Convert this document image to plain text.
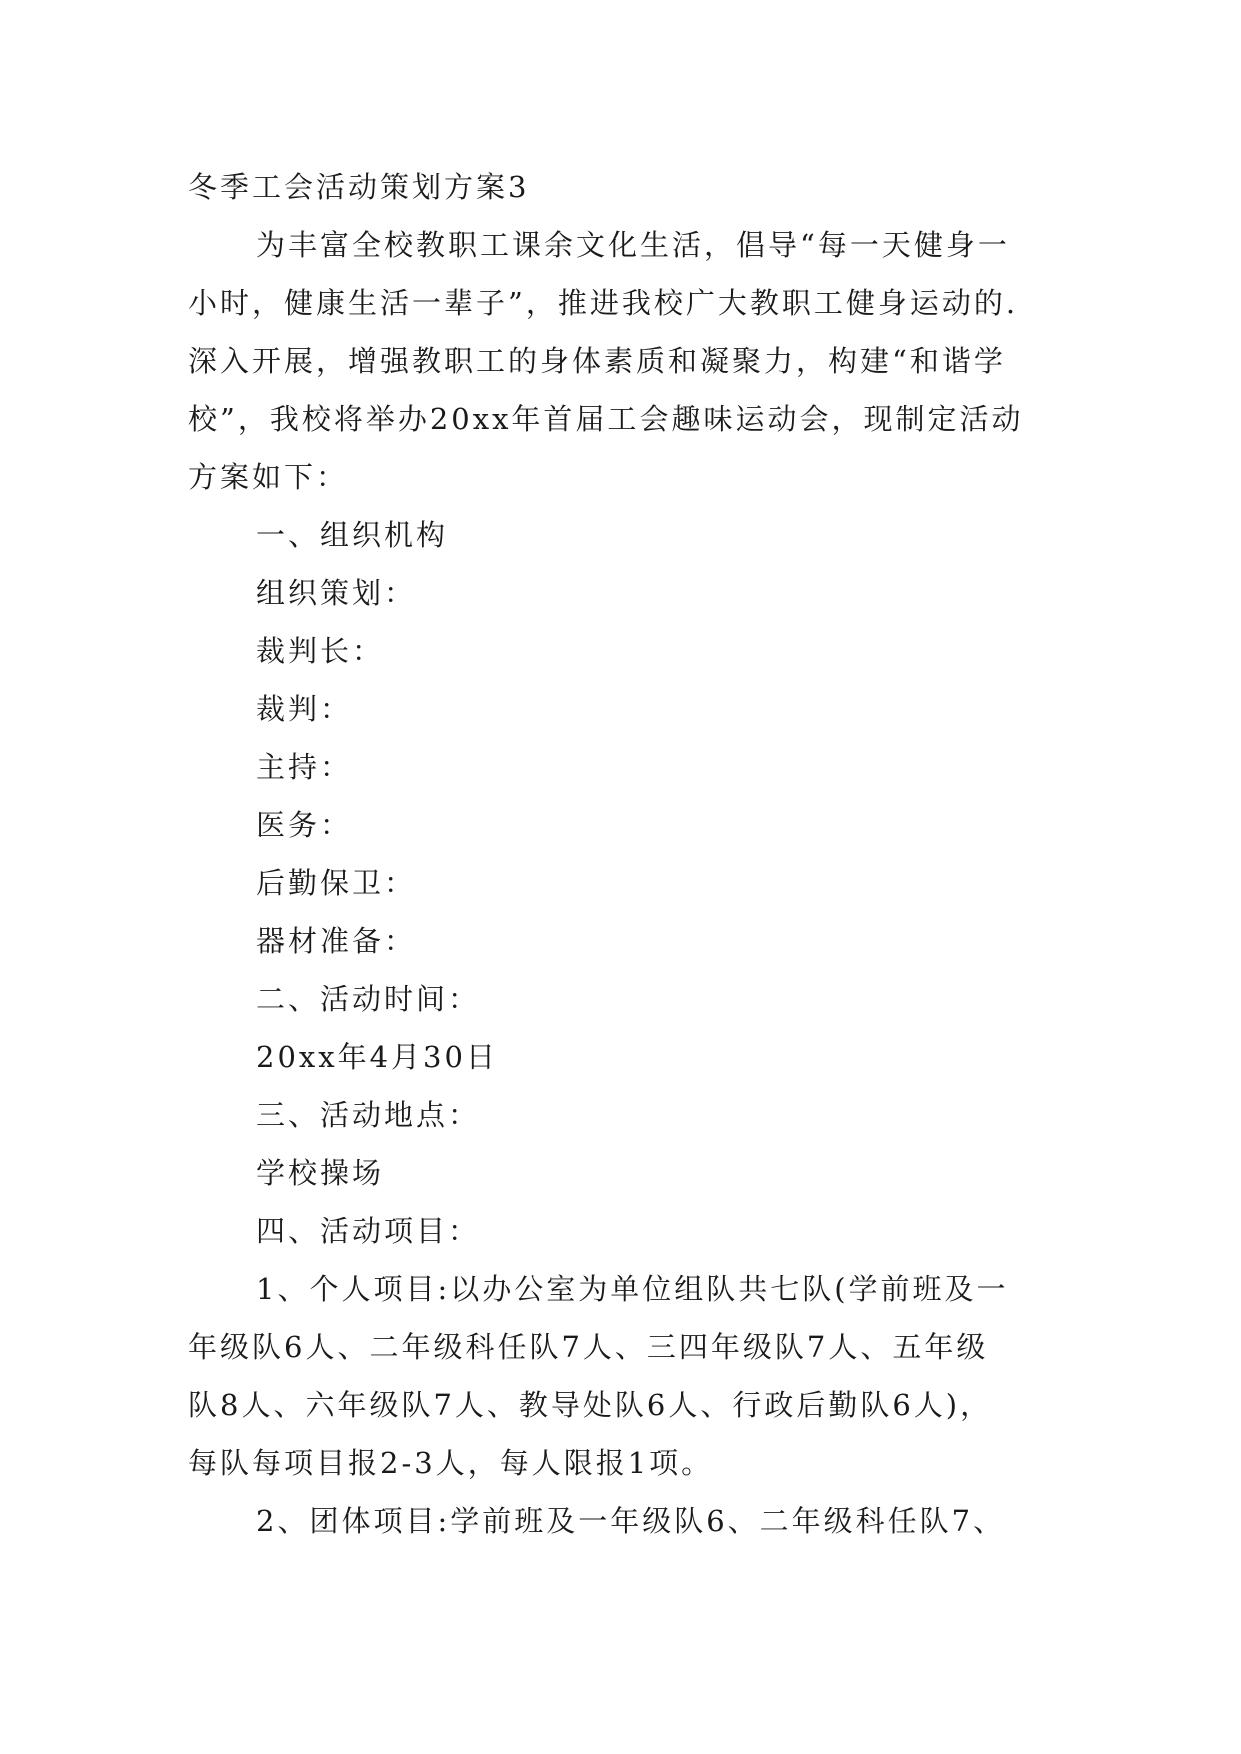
冬季工会活动策划方案3
为丰富全校教职工课余文化生活，倡导“每一天健身一
小时，健康生活一辈子”，推进我校广大教职工健身运动的.
深入开展，增强教职工的身体素质和凝聚力，构建“和谐学
校”，我校将举办20xx年首届工会趣味运动会，现制定活动
方案如下：
一、组织机构
组织策划：
裁判长：
裁判：
主持：
医务：
后勤保卫：
器材准备：
二、活动时间：
20xx年4月30日
三、活动地点：
学校操场
四、活动项目：
1、个人项目:以办公室为单位组队共七队(学前班及一
年级队6人、二年级科任队7人、三四年级队7人、五年级
队8人、六年级队7人、教导处队6人、行政后勤队6人)，
每队每项目报2-3人，每人限报1项。
2、团体项目:学前班及一年级队6、二年级科任队7、
